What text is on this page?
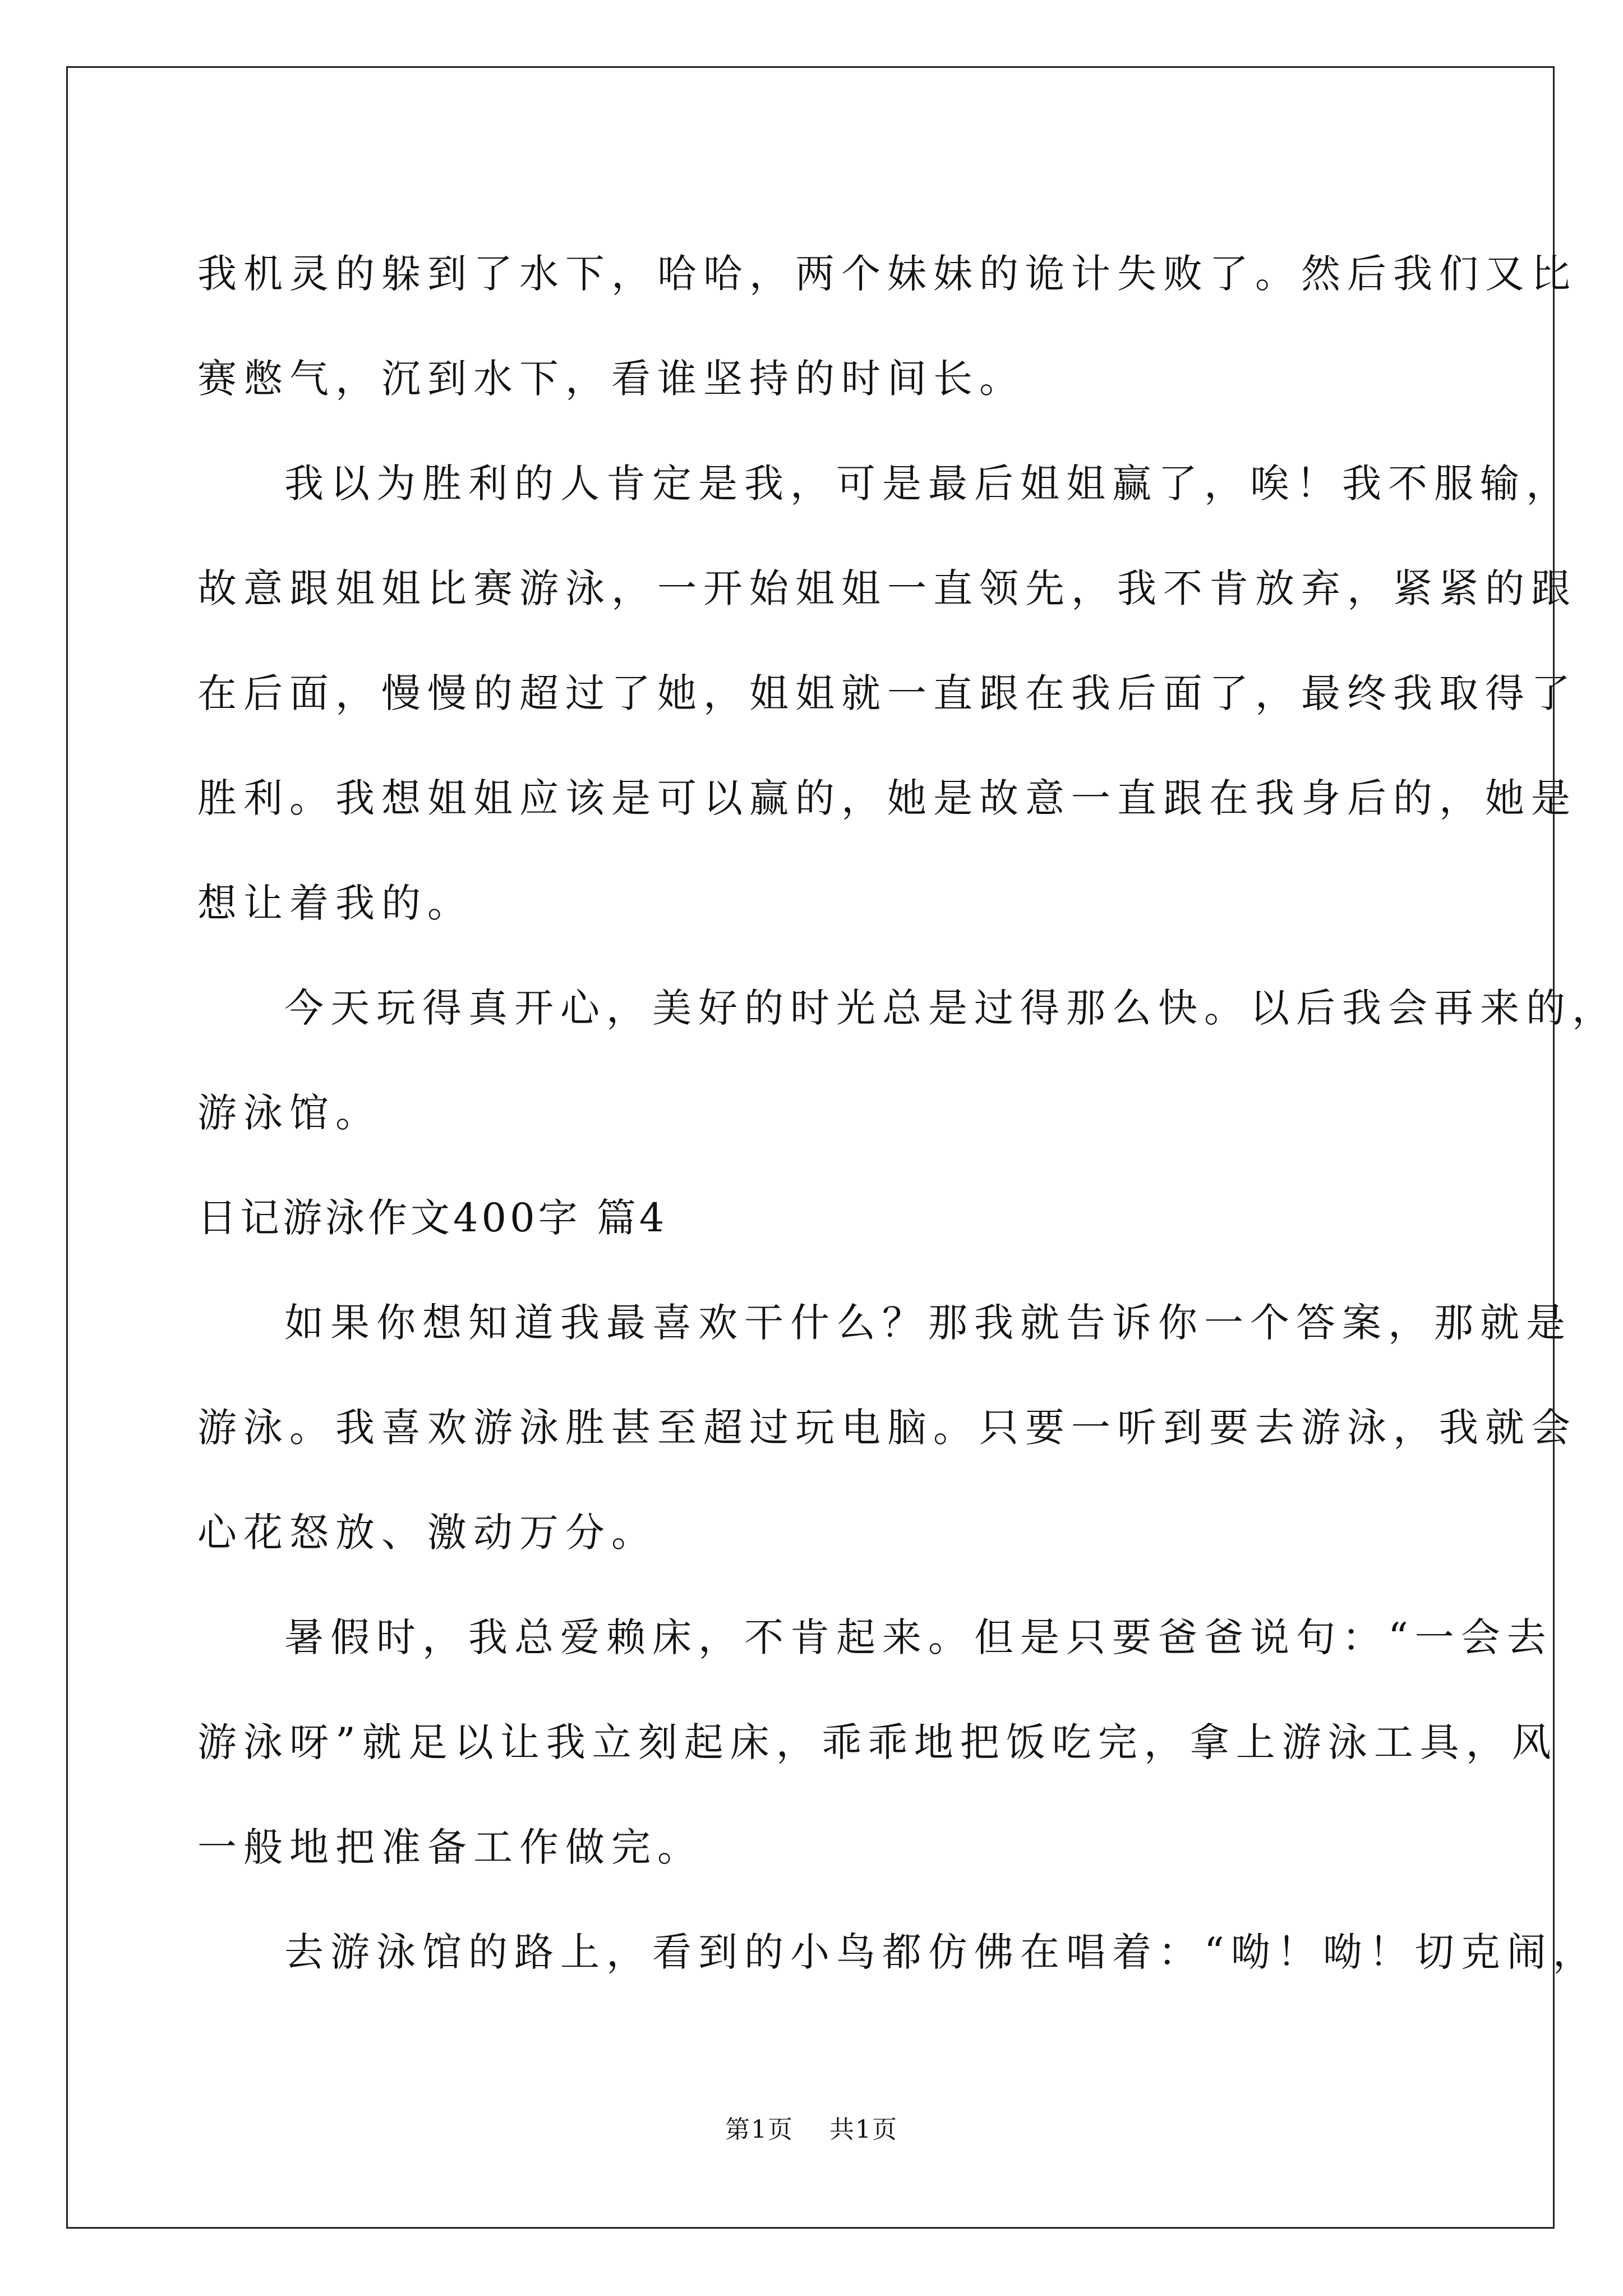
我机灵的躲到了水下，哈哈，两个妹妹的诡计失败了。然后我们又比
赛憋气，沉到水下，看谁坚持的时间长。
我以为胜利的人肯定是我，可是最后姐姐赢了，唉！我不服输，
故意跟姐姐比赛游泳，一开始姐姐一直领先，我不肯放弃，紧紧的跟
在后面，慢慢的超过了她，姐姐就一直跟在我后面了，最终我取得了
胜利。我想姐姐应该是可以赢的，她是故意一直跟在我身后的，她是
想让着我的。
今天玩得真开心，美好的时光总是过得那么快。以后我会再来的，
游泳馆。
日记游泳作文400字 篇4
如果你想知道我最喜欢干什么？那我就告诉你一个答案，那就是
游泳。我喜欢游泳胜甚至超过玩电脑。只要一听到要去游泳，我就会
心花怒放、激动万分。
暑假时，我总爱赖床，不肯起来。但是只要爸爸说句：“一会去
游泳呀”就足以让我立刻起床，乖乖地把饭吃完，拿上游泳工具，风
一般地把准备工作做完。
去游泳馆的路上，看到的小鸟都仿佛在唱着：“呦！呦！切克闹，
第1页    共1页
